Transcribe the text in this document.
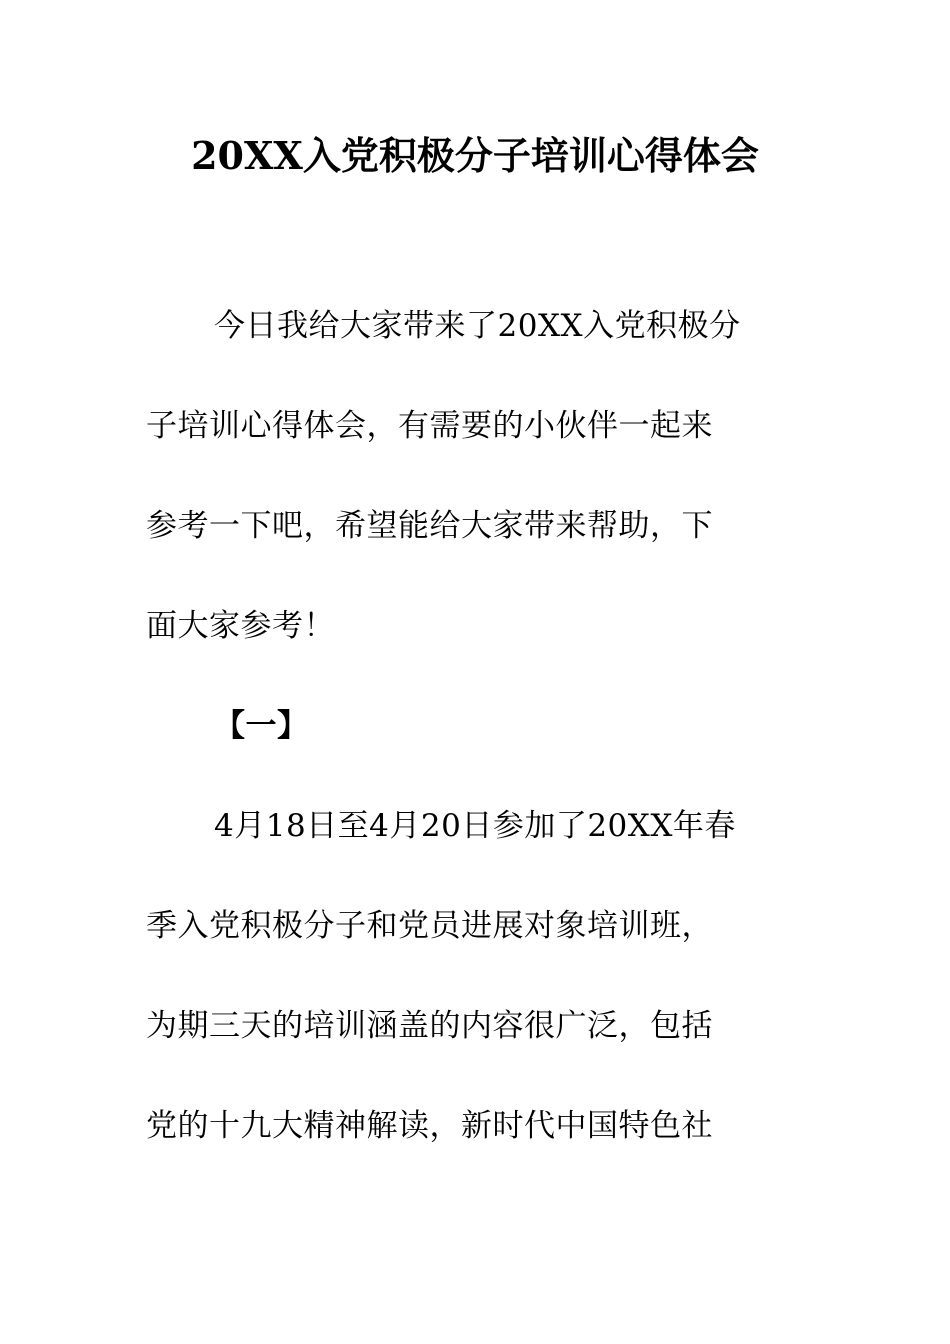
20XX入党积极分子培训心得体会
今日我给大家带来了20XX入党积极分
子培训心得体会，有需要的小伙伴一起来
参考一下吧，希望能给大家带来帮助，下
面大家参考！
【一】
4月18日至4月20日参加了20XX年春
季入党积极分子和党员进展对象培训班，
为期三天的培训涵盖的内容很广泛，包括
党的十九大精神解读，新时代中国特色社
